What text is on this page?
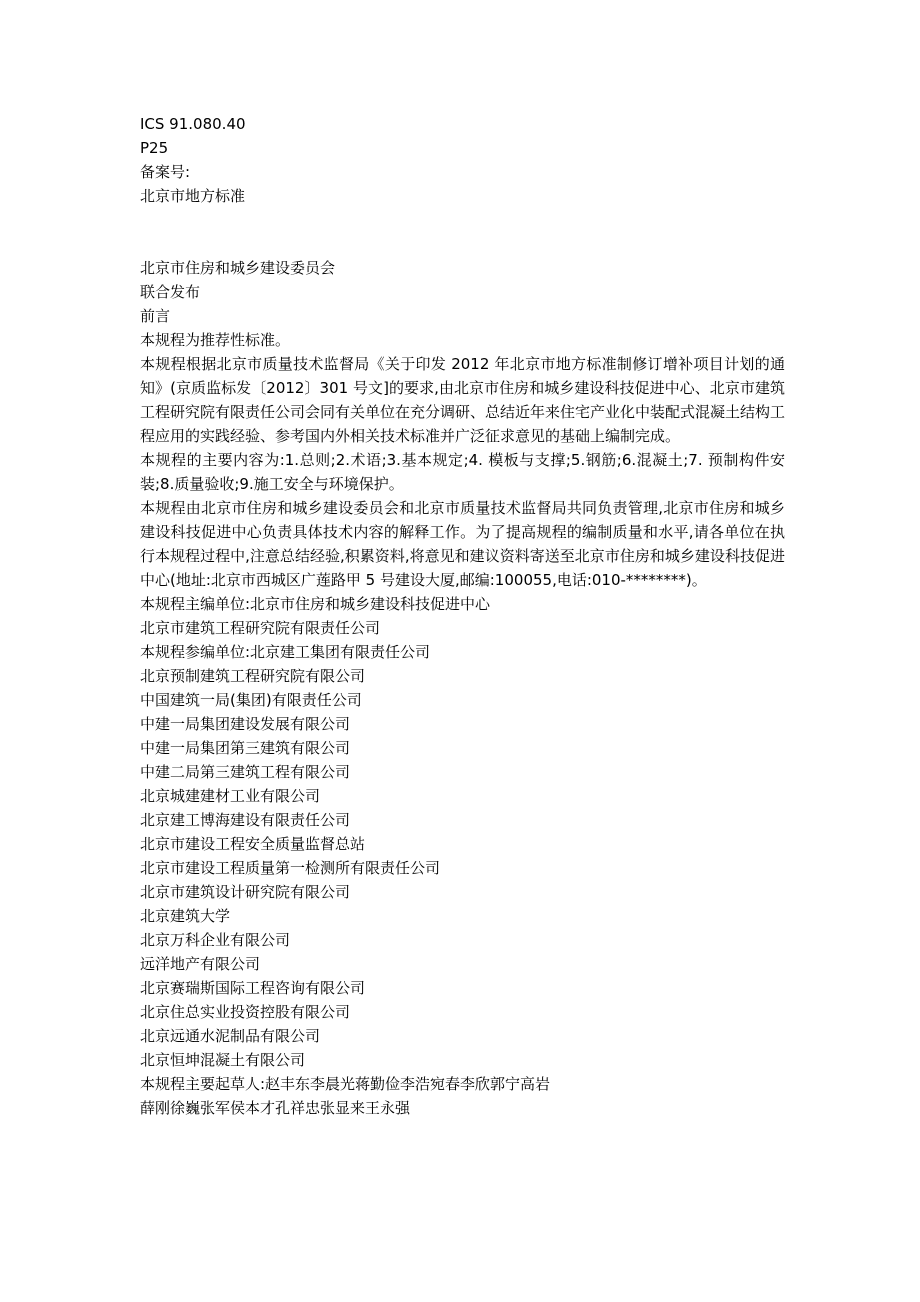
ICS 91.080.40

P25

备案号:

北京市地方标准

北京市住房和城乡建设委员会

联合发布

前言

本规程为推荐性标准。

本规程根据北京市质量技术监督局《关于印发 2012 年北京市地方标准制修订增补项目计划的通知》(京质监标发〔2012〕301 号文]的要求,由北京市住房和城乡建设科技促进中心、北京市建筑工程研究院有限责任公司会同有关单位在充分调研、总结近年来住宅产业化中装配式混凝土结构工程应用的实践经验、参考国内外相关技术标准并广泛征求意见的基础上编制完成。

本规程的主要内容为:1.总则;2.术语;3.基本规定;4. 模板与支撑;5.钢筋;6.混凝土;7. 预制构件安装;8.质量验收;9.施工安全与环境保护。

本规程由北京市住房和城乡建设委员会和北京市质量技术监督局共同负责管理,北京市住房和城乡建设科技促进中心负责具体技术内容的解释工作。为了提高规程的编制质量和水平,请各单位在执行本规程过程中,注意总结经验,积累资料,将意见和建议资料寄送至北京市住房和城乡建设科技促进中心(地址:北京市西城区广莲路甲 5 号建设大厦,邮编:100055,电话:010-********)。

本规程主编单位:北京市住房和城乡建设科技促进中心

北京市建筑工程研究院有限责任公司

本规程参编单位:北京建工集团有限责任公司

北京预制建筑工程研究院有限公司

中国建筑一局(集团)有限责任公司

中建一局集团建设发展有限公司

中建一局集团第三建筑有限公司

中建二局第三建筑工程有限公司

北京城建建材工业有限公司

北京建工博海建设有限责任公司

北京市建设工程安全质量监督总站

北京市建设工程质量第一检测所有限责任公司

北京市建筑设计研究院有限公司

北京建筑大学

北京万科企业有限公司

远洋地产有限公司

北京赛瑞斯国际工程咨询有限公司

北京住总实业投资控股有限公司

北京远通水泥制品有限公司

北京恒坤混凝土有限公司

本规程主要起草人:赵丰东李晨光蒋勤俭李浩宛春李欣郭宁高岩

薛刚徐巍张军侯本才孔祥忠张显来王永强
